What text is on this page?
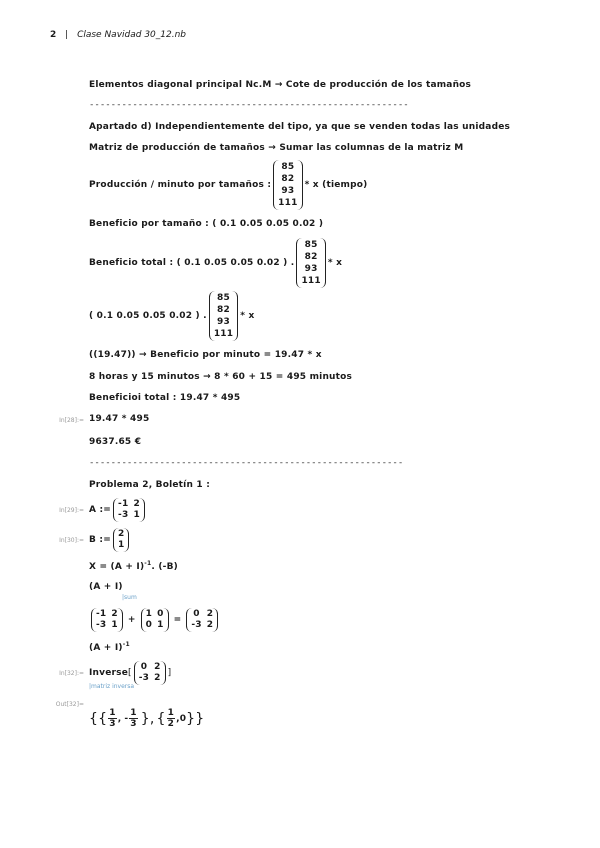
2 | Clase Navidad 30_12.nb
Elementos diagonal principal Nc.M → Cote de producción de los tamaños
-----------------------------------------------------------
Apartado d) Independientemente del tipo, ya que se venden todas las unidades
Matriz de producción de tamaños → Sumar las columnas de la matriz M
Producción / minuto por tamaños :
85
82
93
111
* x (tiempo)
Beneficio por tamaño : ( 0.1 0.05 0.05 0.02 )
Beneficio total : ( 0.1 0.05 0.05 0.02 ) .
85
82
93
111
* x
( 0.1 0.05 0.05 0.02 ) .
85
82
93
111
* x
((19.47)) → Beneficio por minuto = 19.47 * x
8 horas y 15 minutos → 8 * 60 + 15 = 495 minutos
Beneficioi total : 19.47 * 495
In[28]:= 19.47 * 495
9637.65 €
----------------------------------------------------------
Problema 2, Boletín 1 :
In[29]:= A :=
-1 2
-3 1
In[30]:= B :=
2
1
$X = (A + I)^{-1}$. (-B)
(A + I)
|sum
-1 2
-3 1 +
1 0
0 1 =
0 2
-3 2
$(A + I)^{-1}$
In[32]:= Inverse [
0 2
-3 2 ]
|matriz inversa
Out[32]=
{{ $\frac{1}{3}$ , - $\frac{1}{3}$ }, { $\frac{1}{2}$ , 0 }}
